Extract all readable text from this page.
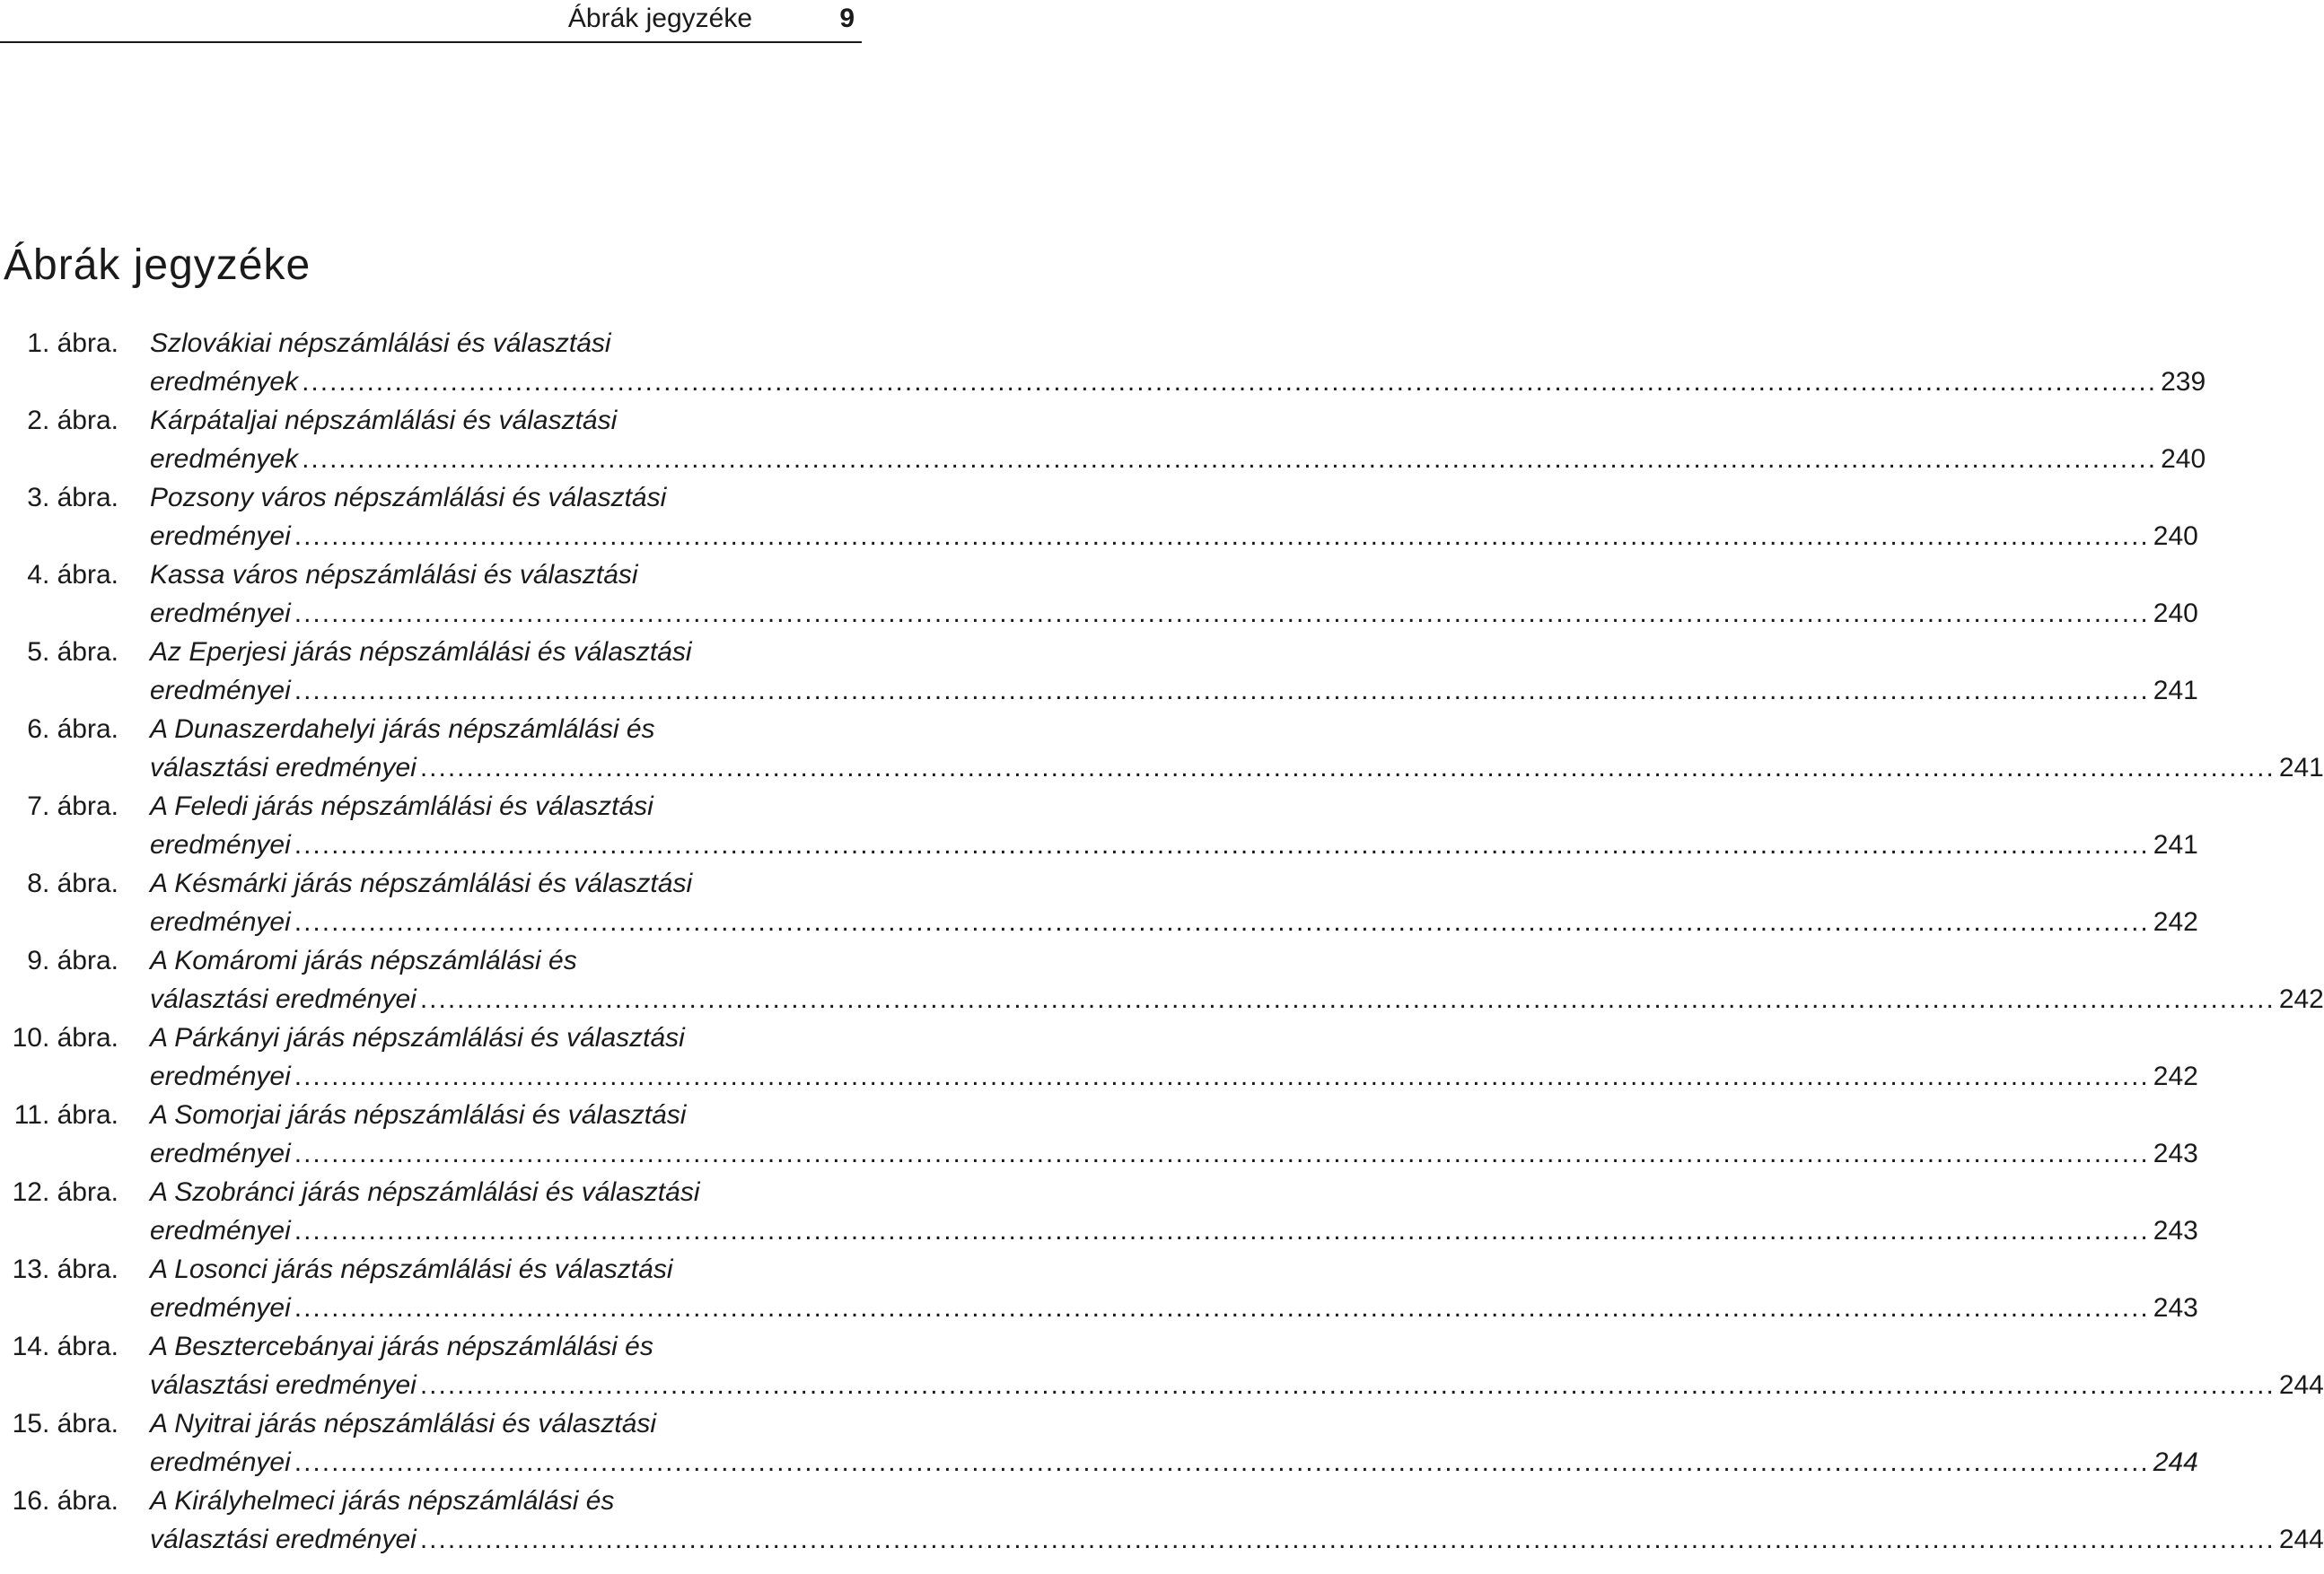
Ábrák jegyzéke	9
Ábrák jegyzéke
1. ábra. Szlovákiai népszámlálási és választási
eredmények ........................................................................................................................................................................................................ 239
2. ábra. Kárpátaljai népszámlálási és választási
eredmények ........................................................................................................................................................................................................ 240
3. ábra. Pozsony város népszámlálási és választási
eredményei ........................................................................................................................................................................................................ 240
4. ábra. Kassa város népszámlálási és választási
eredményei ........................................................................................................................................................................................................ 240
5. ábra. Az Eperjesi járás népszámlálási és választási
eredményei ........................................................................................................................................................................................................ 241
6. ábra. A Dunaszerdahelyi járás népszámlálási és
választási eredményei ........................................................................................................................................................................................................ 241
7. ábra. A Feledi járás népszámlálási és választási
eredményei ........................................................................................................................................................................................................ 241
8. ábra. A Késmárki járás népszámlálási és választási
eredményei ........................................................................................................................................................................................................ 242
9. ábra. A Komáromi járás népszámlálási és
választási eredményei ........................................................................................................................................................................................................ 242
10. ábra. A Párkányi járás népszámlálási és választási
eredményei ........................................................................................................................................................................................................ 242
11. ábra. A Somorjai járás népszámlálási és választási
eredményei ........................................................................................................................................................................................................ 243
12. ábra. A Szobránci járás népszámlálási és választási
eredményei ........................................................................................................................................................................................................ 243
13. ábra. A Losonci járás népszámlálási és választási
eredményei ........................................................................................................................................................................................................ 243
14. ábra. A Besztercebányai járás népszámlálási és
választási eredményei ........................................................................................................................................................................................................ 244
15. ábra. A Nyitrai járás népszámlálási és választási
eredményei ........................................................................................................................................................................................................ 244
16. ábra. A Királyhelmeci járás népszámlálási és
választási eredményei ........................................................................................................................................................................................................ 244
